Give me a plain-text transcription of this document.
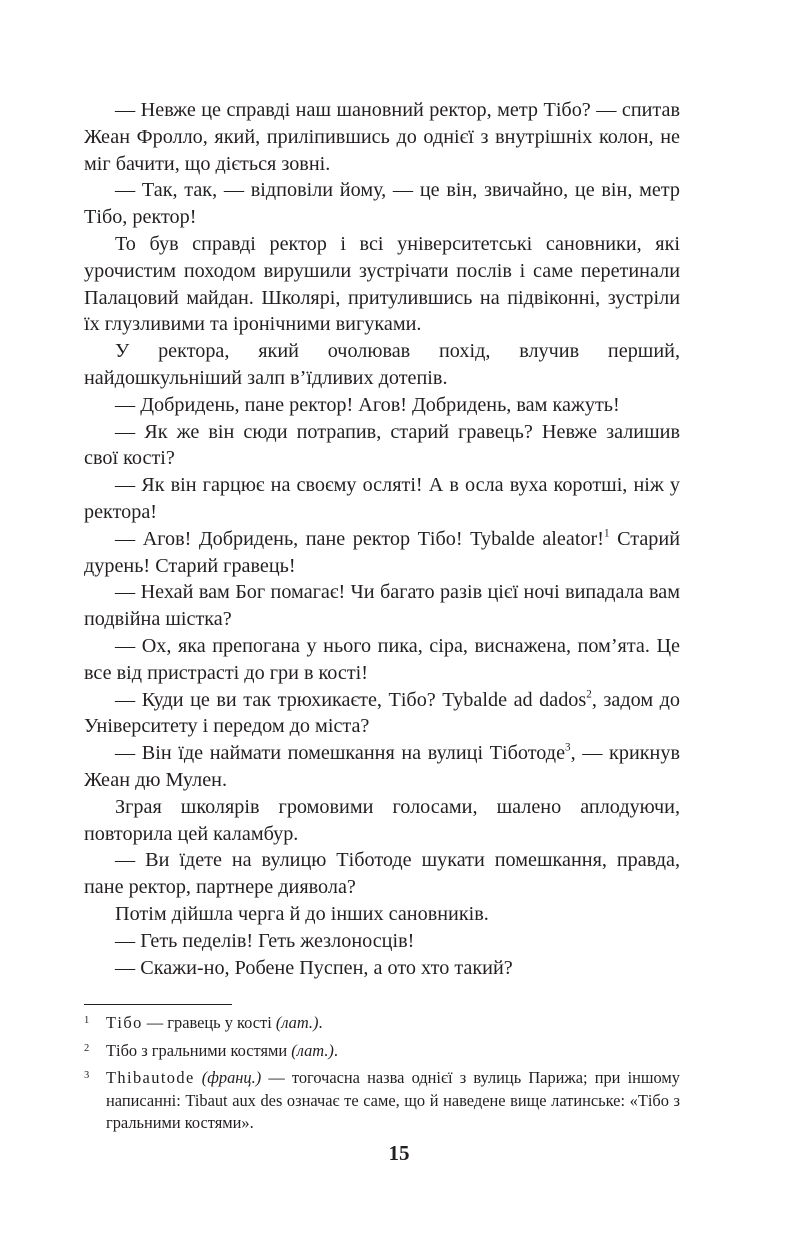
— Невже це справді наш шановний ректор, метр Тібо? — спитав Жеан Фролло, який, приліпившись до однієї з внутрішніх колон, не міг бачити, що діється зовні.

— Так, так, — відповіли йому, — це він, звичайно, це він, метр Тібо, ректор!

То був справді ректор і всі університетські сановники, які урочистим походом вирушили зустрічати послів і саме перетинали Палацовий майдан. Школярі, притулившись на підвіконні, зустріли їх глузливими та іронічними вигуками.

У ректора, який очолював похід, влучив перший, найдошкульніший залп в’їдливих дотепів.

— Добридень, пане ректор! Агов! Добридень, вам кажуть!

— Як же він сюди потрапив, старий гравець? Невже залишив свої кості?

— Як він гарцює на своєму осляті! А в осла вуха коротші, ніж у ректора!

— Агов! Добридень, пане ректор Тібо! Tybalde aleator!$^1$ Старий дурень! Старий гравець!

— Нехай вам Бог помагає! Чи багато разів цієї ночі випадала вам подвійна шістка?

— Ох, яка препогана у нього пика, сіра, виснажена, пом’ята. Це все від пристрасті до гри в кості!

— Куди це ви так трюхикаєте, Тібо? Tybalde ad dados$^2$, задом до Університету і передом до міста?

— Він їде наймати помешкання на вулиці Тіботоде$^3$, — крикнув Жеан дю Мулен.

Зграя школярів громовими голосами, шалено аплодуючи, повторила цей каламбур.

— Ви їдете на вулицю Тіботоде шукати помешкання, правда, пане ректор, партнере диявола?

Потім дійшла черга й до інших сановників.

— Геть педелів! Геть жезлоносців!

— Скажи-но, Робене Пуспен, а ото хто такий?

1 Тібо — гравець у кості (лат.).
2 Тібо з гральними костями (лат.).
3 Thibautode (франц.) — тогочасна назва однієї з вулиць Парижа; при іншому написанні: Tibaut aux des означає те саме, що й наведене вище латинське: «Тібо з гральними костями».
15
